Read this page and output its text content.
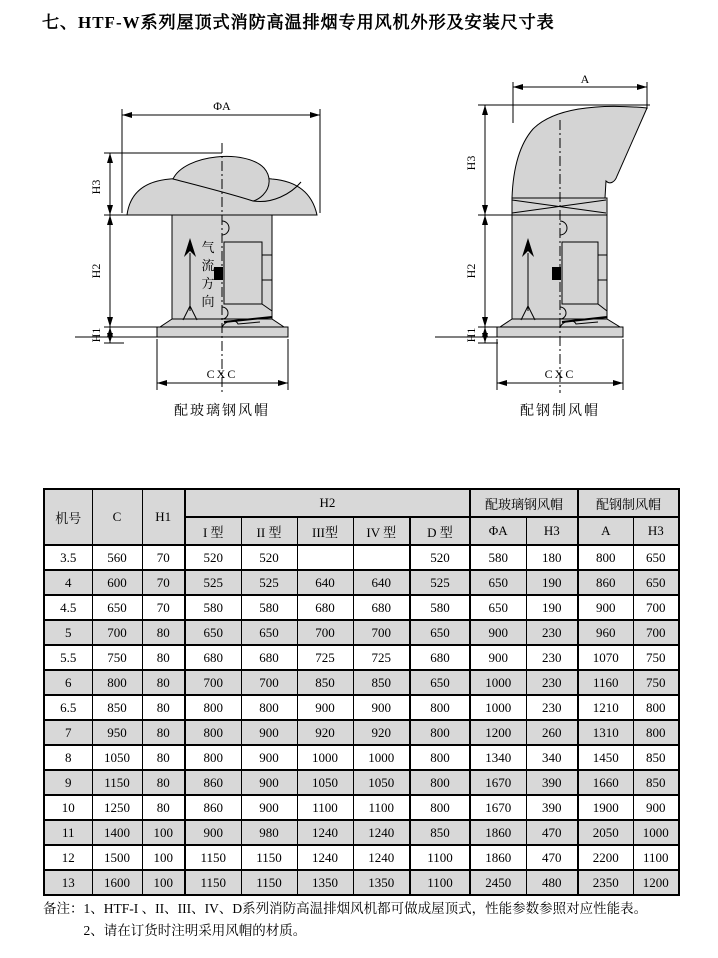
七、HTF-W系列屋顶式消防高温排烟专用风机外形及安装尺寸表
气
流
方
向
ΦA
H3
H2
H1
CXC
配玻璃钢风帽
A
H3
H2
H1
CXC
配钢制风帽
机号	C	H1	H2					配玻璃钢风帽		配钢制风帽	
			I 型	II 型	III型	IV 型	D 型	ΦA	H3	A	H3
3.5	560	70	520	520			520	580	180	800	650
4	600	70	525	525	640	640	525	650	190	860	650
4.5	650	70	580	580	680	680	580	650	190	900	700
5	700	80	650	650	700	700	650	900	230	960	700
5.5	750	80	680	680	725	725	680	900	230	1070	750
6	800	80	700	700	850	850	650	1000	230	1160	750
6.5	850	80	800	800	900	900	800	1000	230	1210	800
7	950	80	800	900	920	920	800	1200	260	1310	800
8	1050	80	800	900	1000	1000	800	1340	340	1450	850
9	1150	80	860	900	1050	1050	800	1670	390	1660	850
10	1250	80	860	900	1100	1100	800	1670	390	1900	900
11	1400	100	900	980	1240	1240	850	1860	470	2050	1000
12	1500	100	1150	1150	1240	1240	1100	1860	470	2200	1100
13	1600	100	1150	1150	1350	1350	1100	2450	480	2350	1200
备注：1、HTF-I 、II、III、IV、D系列消防高温排烟风机都可做成屋顶式，性能参数参照对应性能表。
2、请在订货时注明采用风帽的材质。
